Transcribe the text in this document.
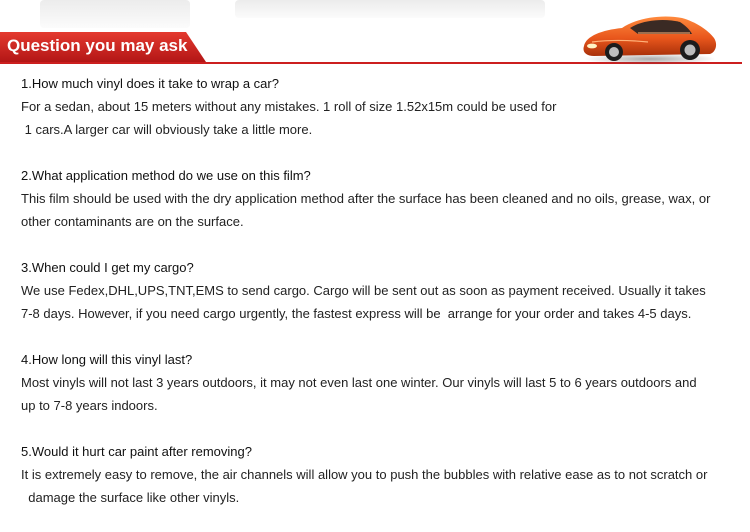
Question you may ask

1.How much vinyl does it take to wrap a car?

For a sedan, about 15 meters without any mistakes. 1 roll of size 1.52x15m could be used for

1 cars.A larger car will obviously take a little more.

2.What application method do we use on this film?

This film should be used with the dry application method after the surface has been cleaned and no oils, grease, wax, or

other contaminants are on the surface.

3.When could I get my cargo?

We use Fedex,DHL,UPS,TNT,EMS to send cargo. Cargo will be sent out as soon as payment received. Usually it takes

7-8 days. However, if you need cargo urgently, the fastest express will be  arrange for your order and takes 4-5 days.

4.How long will this vinyl last?

Most vinyls will not last 3 years outdoors, it may not even last one winter. Our vinyls will last 5 to 6 years outdoors and

up to 7-8 years indoors.

5.Would it hurt car paint after removing?

It is extremely easy to remove, the air channels will allow you to push the bubbles with relative ease as to not scratch or

damage the surface like other vinyls.
